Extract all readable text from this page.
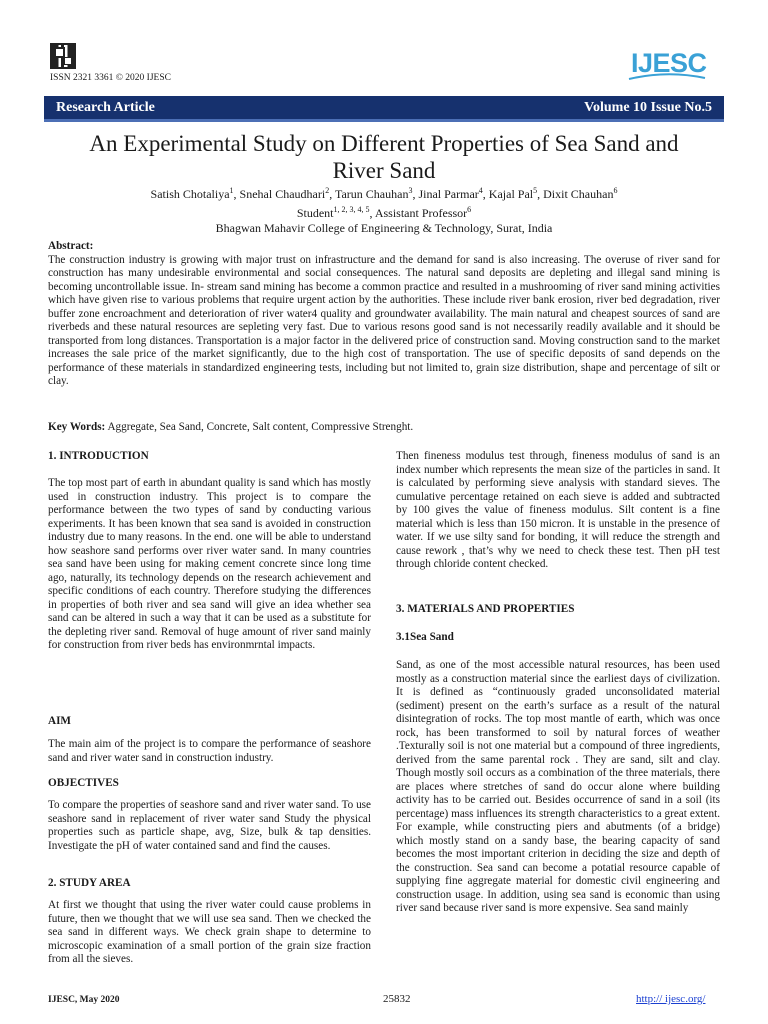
ISSN 2321 3361 © 2020 IJESC	IJESC
Research Article	Volume 10 Issue No.5
An Experimental Study on Different Properties of Sea Sand and
River Sand
Satish Chotaliya$^1$, Snehal Chaudhari$^2$, Tarun Chauhan$^3$, Jinal Parmar$^4$, Kajal Pal$^5$, Dixit Chauhan$^6$
Student$^{1, 2, 3, 4, 5}$, Assistant Professor$^6$
Bhagwan Mahavir College of Engineering & Technology, Surat, India
Abstract:
The construction industry is growing with major trust on infrastructure and the demand for sand is also increasing. The overuse of river sand for construction has many undesirable environmental and social consequences. The natural sand deposits are depleting and illegal sand mining is becoming uncontrollable issue. In- stream sand mining has become a common practice and resulted in a mushrooming of river sand mining activities which have given rise to various problems that require urgent action by the authorities. These include river bank erosion, river bed degradation, river buffer zone encroachment and deterioration of river water4 quality and groundwater availability. The main natural and cheapest sources of sand are riverbeds and these natural resources are sepleting very fast. Due to various resons good sand is not necessarily readily available and it should be transported from long distances. Transportation is a major factor in the delivered price of construction sand. Moving construction sand to the market increases the sale price of the market significantly, due to the high cost of transportation. The use of specific deposits of sand depends on the performance of these materials in standardized engineering tests, including but not limited to, grain size distribution, shape and percentage of silt or clay.
Key Words: Aggregate, Sea Sand, Concrete, Salt content, Compressive Strenght.
1. INTRODUCTION
The top most part of earth in abundant quality is sand which has mostly used in construction industry. This project is to compare the performance between the two types of sand by conducting various experiments. It has been known that sea sand is avoided in construction industry due to many reasons. In the end. one will be able to understand how seashore sand performs over river water sand. In many countries sea sand have been using for making cement concrete since long time ago, naturally, its technology depends on the research achievement and specific conditions of each country. Therefore studying the differences in properties of both river and sea sand will give an idea whether sea sand can be altered in such a way that it can be used as a substitute for the depleting river sand. Removal of huge amount of river sand mainly for construction from river beds has environmrntal impacts.
AIM
The main aim of the project is to compare the performance of seashore sand and river water sand in construction industry.
OBJECTIVES
To compare the properties of seashore sand and river water sand. To use seashore sand in replacement of river water sand Study the physical properties such as particle shape, avg, Size, bulk & tap densities. Investigate the pH of water contained sand and find the causes.
2. STUDY AREA
At first we thought that using the river water could cause problems in future, then we thought that we will use sea sand. Then we checked the sea sand in different ways. We check grain shape to determine to microscopic examination of a small portion of the grain size fraction from all the sieves.
Then fineness modulus test through, fineness modulus of sand is an index number which represents the mean size of the particles in sand. It is calculated by performing sieve analysis with standard sieves. The cumulative percentage retained on each sieve is added and subtracted by 100 gives the value of fineness modulus. Silt content is a fine material which is less than 150 micron. It is unstable in the presence of water. If we use silty sand for bonding, it will reduce the strength and cause rework , that’s why we need to check these test. Then pH test through chloride content checked.
3. MATERIALS AND PROPERTIES
3.1Sea Sand
Sand, as one of the most accessible natural resources, has been used mostly as a construction material since the earliest days of civilization. It is defined as “continuously graded unconsolidated material (sediment) present on the earth’s surface as a result of the natural disintegration of rocks. The top most mantle of earth, which was once rock, has been transformed to soil by natural forces of weather .Texturally soil is not one material but a compound of three ingredients, derived from the same parental rock . They are sand, silt and clay. Though mostly soil occurs as a combination of the three materials, there are places where stretches of sand do occur alone where building activity has to be carried out. Besides occurrence of sand in a soil (its percentage) mass influences its strength characteristics to a great extent. For example, while constructing piers and abutments (of a bridge) which mostly stand on a sandy base, the bearing capacity of sand becomes the most important criterion in deciding the size and depth of the construction. Sea sand can become a potatial resource capable of supplying fine aggregate material for domestic civil engineering and construction usage. In addition, using sea sand is economic than using river sand because river sand is more expensive. Sea sand mainly
IJESC, May 2020	25832	http:// ijesc.org/
